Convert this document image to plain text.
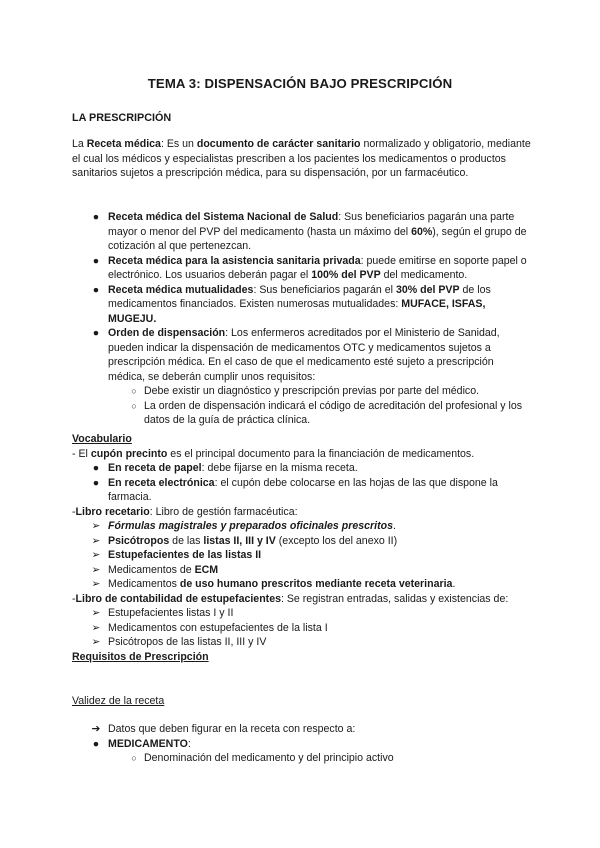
TEMA 3: DISPENSACIÓN BAJO PRESCRIPCIÓN
LA PRESCRIPCIÓN
La Receta médica: Es un documento de carácter sanitario normalizado y obligatorio, mediante el cual los médicos y especialistas prescriben a los pacientes los medicamentos o productos sanitarios sujetos a prescripción médica, para su dispensación, por un farmacéutico.
● Receta médica del Sistema Nacional de Salud: Sus beneficiarios pagarán una parte mayor o menor del PVP del medicamento (hasta un máximo del 60%), según el grupo de cotización al que pertenezcan.
● Receta médica para la asistencia sanitaria privada: puede emitirse en soporte papel o electrónico. Los usuarios deberán pagar el 100% del PVP del medicamento.
● Receta médica mutualidades: Sus beneficiarios pagarán el 30% del PVP de los medicamentos financiados. Existen numerosas mutualidades: MUFACE, ISFAS, MUGEJU.
● Orden de dispensación: Los enfermeros acreditados por el Ministerio de Sanidad, pueden indicar la dispensación de medicamentos OTC y medicamentos sujetos a prescripción médica. En el caso de que el medicamento esté sujeto a prescripción médica, se deberán cumplir unos requisitos:
○ Debe existir un diagnóstico y prescripción previas por parte del médico.
○ La orden de dispensación indicará el código de acreditación del profesional y los datos de la guía de práctica clínica.
Vocabulario
- El cupón precinto es el principal documento para la financiación de medicamentos.
● En receta de papel: debe fijarse en la misma receta.
● En receta electrónica: el cupón debe colocarse en las hojas de las que dispone la farmacia.
-Libro recetario: Libro de gestión farmacéutica:
➢ Fórmulas magistrales y preparados oficinales prescritos.
➢ Psicótropos de las listas II, III y IV (excepto los del anexo II)
➢ Estupefacientes de las listas II
➢ Medicamentos de ECM
➢ Medicamentos de uso humano prescritos mediante receta veterinaria.
-Libro de contabilidad de estupefacientes: Se registran entradas, salidas y existencias de:
➢ Estupefacientes listas I y II
➢ Medicamentos con estupefacientes de la lista I
➢ Psicótropos de las listas II, III y IV
Requisitos de Prescripción
Validez de la receta
➔ Datos que deben figurar en la receta con respecto a:
● MEDICAMENTO:
○ Denominación del medicamento y del principio activo
